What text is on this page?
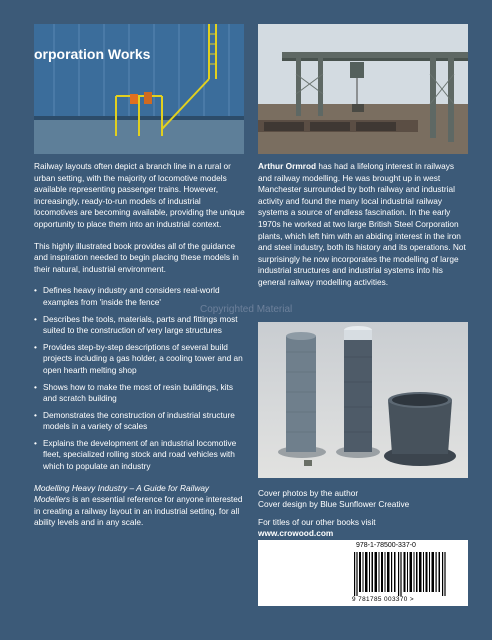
orporation Works

Railway layouts often depict a branch line in a rural or urban setting, with the majority of locomotive models available representing passenger trains. However, increasingly, ready-to-run models of industrial locomotives are becoming available, providing the unique opportunity to place them into an industrial context.

This highly illustrated book provides all of the guidance and inspiration needed to begin placing these models in their natural, industrial environment.

• Defines heavy industry and considers real-world examples from 'inside the fence'
• Describes the tools, materials, parts and fittings most suited to the construction of very large structures
• Provides step-by-step descriptions of several build projects including a gas holder, a cooling tower and an open hearth melting shop
• Shows how to make the most of resin buildings, kits and scratch building
• Demonstrates the construction of industrial structure models in a variety of scales
• Explains the development of an industrial locomotive fleet, specialized rolling stock and road vehicles with which to populate an industry

Modelling Heavy Industry – A Guide for Railway Modellers is an essential reference for anyone interested in creating a railway layout in an industrial setting, for all ability levels and in any scale.

Arthur Ormrod has had a lifelong interest in railways and railway modelling. He was brought up in west Manchester surrounded by both railway and industrial activity and found the many local industrial railway systems a source of endless fascination. In the early 1970s he worked at two large British Steel Corporation plants, which left him with an abiding interest in the iron and steel industry, both its history and its operations. Not surprisingly he now incorporates the modelling of large industrial structures and industrial systems into his general railway modelling activities.

Copyrighted Material
Cover photos by the author
Cover design by Blue Sunflower Creative
For titles of our other books visit
www.crowood.com
978-1-78500-337-0
9 781785 003370 >
